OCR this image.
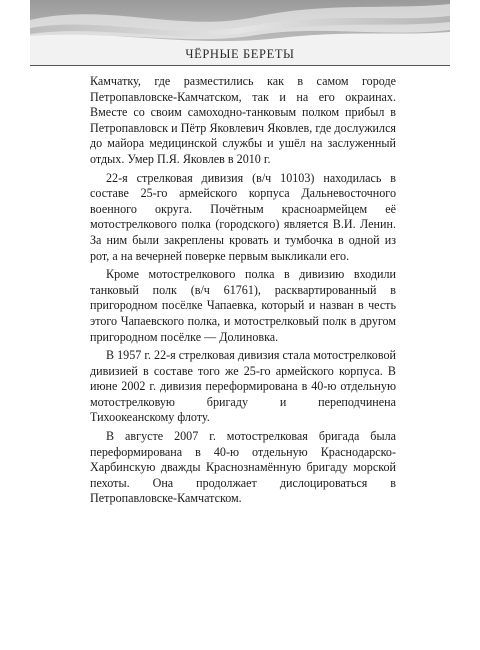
ЧЁРНЫЕ БЕРЕТЫ

Камчатку, где разместились как в самом городе Петропавловске-Камчатском, так и на его окраинах. Вместе со своим самоходно-танковым полком прибыл в Петропавловск и Пётр Яковлевич Яковлев, где дослужился до майора медицинской службы и ушёл на заслуженный отдых. Умер П.Я. Яковлев в 2010 г.

22-я стрелковая дивизия (в/ч 10103) находилась в составе 25-го армейского корпуса Дальневосточного военного округа. Почётным красноармейцем её мотострелкового полка (городского) является В.И. Ленин. За ним были закреплены кровать и тумбочка в одной из рот, а на вечерней поверке первым выкликали его.

Кроме мотострелкового полка в дивизию входили танковый полк (в/ч 61761), расквартированный в пригородном посёлке Чапаевка, который и назван в честь этого Чапаевского полка, и мотострелковый полк в другом пригородном посёлке — Долиновка.

В 1957 г. 22-я стрелковая дивизия стала мотострелковой дивизией в составе того же 25-го армейского корпуса. В июне 2002 г. дивизия переформирована в 40-ю отдельную мотострелковую бригаду и переподчинена Тихоокеанскому флоту.

В августе 2007 г. мотострелковая бригада была переформирована в 40-ю отдельную Краснодарско-Харбинскую дважды Краснознамённую бригаду морской пехоты. Она продолжает дислоцироваться в Петропавловске-Камчатском.
